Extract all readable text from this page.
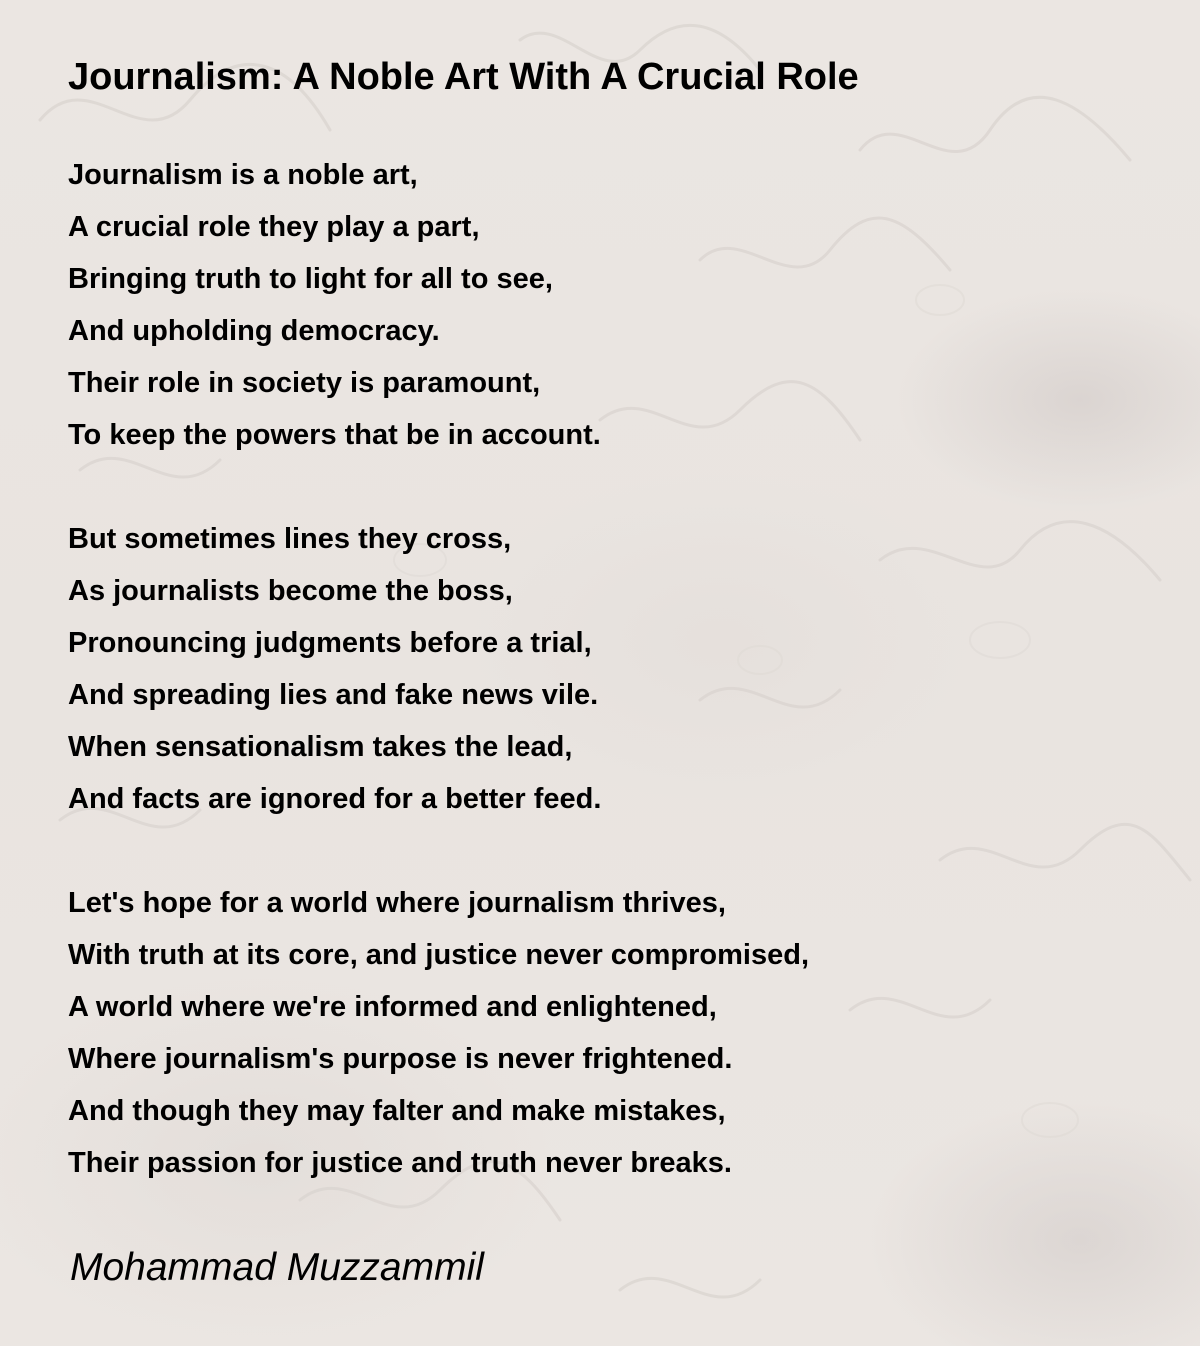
Journalism: A Noble Art With A Crucial Role
Journalism is a noble art,
A crucial role they play a part,
Bringing truth to light for all to see,
And upholding democracy.
Their role in society is paramount,
To keep the powers that be in account.
But sometimes lines they cross,
As journalists become the boss,
Pronouncing judgments before a trial,
And spreading lies and fake news vile.
When sensationalism takes the lead,
And facts are ignored for a better feed.
Let's hope for a world where journalism thrives,
With truth at its core, and justice never compromised,
A world where we're informed and enlightened,
Where journalism's purpose is never frightened.
And though they may falter and make mistakes,
Their passion for justice and truth never breaks.

Mohammad Muzzammil
